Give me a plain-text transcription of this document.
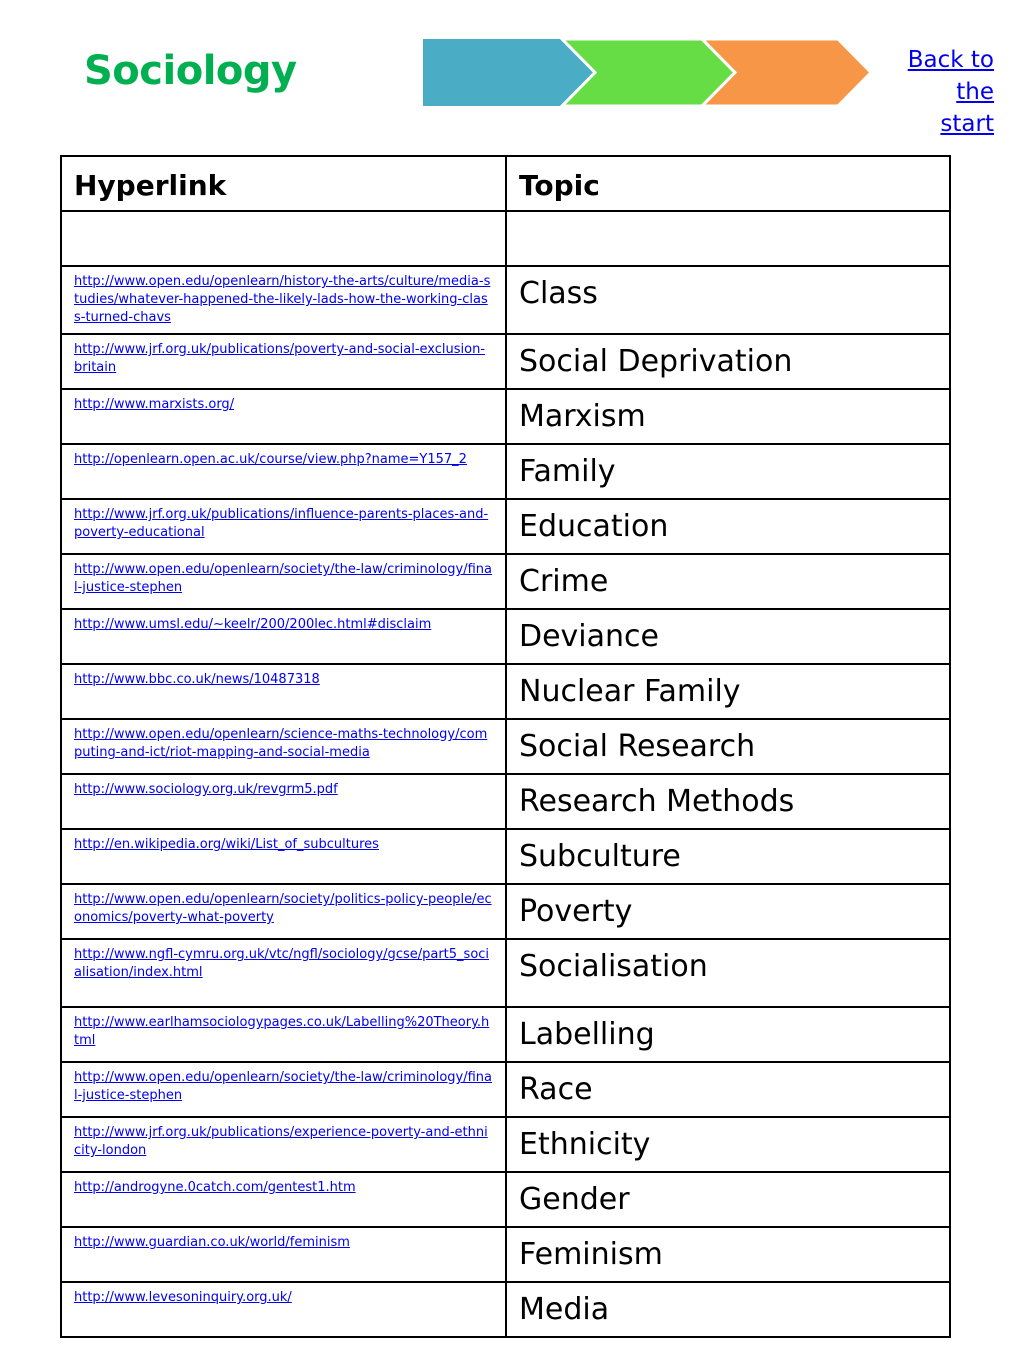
Sociology	Back to
the start
Hyperlink	Topic

http://www.open.edu/openlearn/history-the-arts/culture/media-studies/whatever-happened-the-likely-lads-how-the-working-class-turned-chavs	Class

http://www.jrf.org.uk/publications/poverty-and-social-exclusion-britain	Social Deprivation

http://www.marxists.org/	Marxism

http://openlearn.open.ac.uk/course/view.php?name=Y157_2	Family

http://www.jrf.org.uk/publications/influence-parents-places-and-poverty-educational	Education

http://www.open.edu/openlearn/society/the-law/criminology/final-justice-stephen	Crime

http://www.umsl.edu/~keelr/200/200lec.html#disclaim	Deviance

http://www.bbc.co.uk/news/10487318	Nuclear Family

http://www.open.edu/openlearn/science-maths-technology/computing-and-ict/riot-mapping-and-social-media	Social Research

http://www.sociology.org.uk/revgrm5.pdf	Research Methods

http://en.wikipedia.org/wiki/List_of_subcultures	Subculture

http://www.open.edu/openlearn/society/politics-policy-people/economics/poverty-what-poverty	Poverty

http://www.ngfl-cymru.org.uk/vtc/ngfl/sociology/gcse/part5_socialisation/index.html	Socialisation

http://www.earlhamsociologypages.co.uk/Labelling%20Theory.html	Labelling

http://www.open.edu/openlearn/society/the-law/criminology/final-justice-stephen	Race

http://www.jrf.org.uk/publications/experience-poverty-and-ethnicity-london	Ethnicity

http://androgyne.0catch.com/gentest1.htm	Gender

http://www.guardian.co.uk/world/feminism	Feminism

http://www.levesoninquiry.org.uk/	Media
